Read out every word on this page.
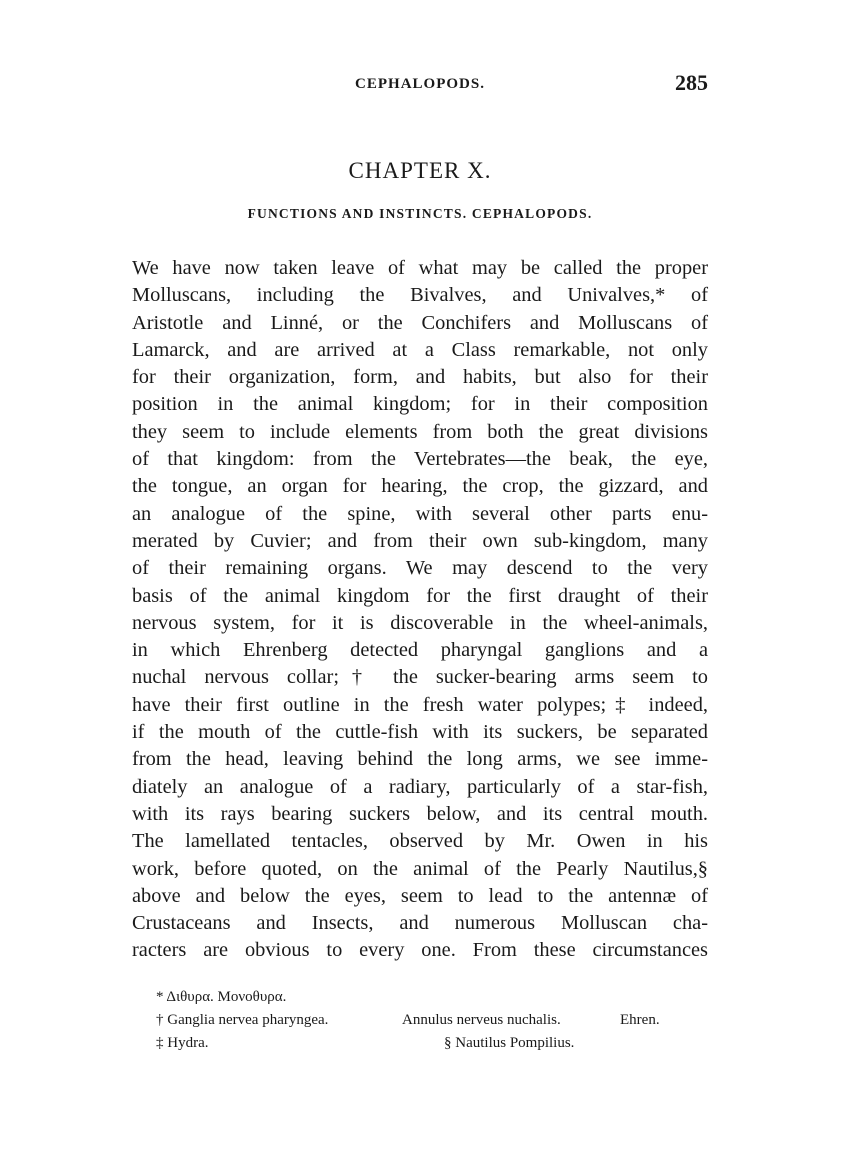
CEPHALOPODS.	285
CHAPTER X.
FUNCTIONS AND INSTINCTS. CEPHALOPODS.
We have now taken leave of what may be called the proper
Molluscans, including the Bivalves, and Univalves,* of
Aristotle and Linné, or the Conchifers and Molluscans of
Lamarck, and are arrived at a Class remarkable, not only
for their organization, form, and habits, but also for their
position in the animal kingdom; for in their composition
they seem to include elements from both the great divisions
of that kingdom: from the Vertebrates—the beak, the eye,
the tongue, an organ for hearing, the crop, the gizzard, and
an analogue of the spine, with several other parts enu-
merated by Cuvier; and from their own sub-kingdom, many
of their remaining organs. We may descend to the very
basis of the animal kingdom for the first draught of their
nervous system, for it is discoverable in the wheel-animals,
in which Ehrenberg detected pharyngal ganglions and a
nuchal nervous collar;† the sucker-bearing arms seem to
have their first outline in the fresh water polypes;‡ indeed,
if the mouth of the cuttle-fish with its suckers, be separated
from the head, leaving behind the long arms, we see imme-
diately an analogue of a radiary, particularly of a star-fish,
with its rays bearing suckers below, and its central mouth.
The lamellated tentacles, observed by Mr. Owen in his
work, before quoted, on the animal of the Pearly Nautilus,§
above and below the eyes, seem to lead to the antennæ of
Crustaceans and Insects, and numerous Molluscan cha-
racters are obvious to every one. From these circumstances
* Διθυρα. Μονοθυρα.
† Ganglia nervea pharyngea.	Annulus nerveus nuchalis.	Ehren.
‡ Hydra.	§ Nautilus Pompilius.
